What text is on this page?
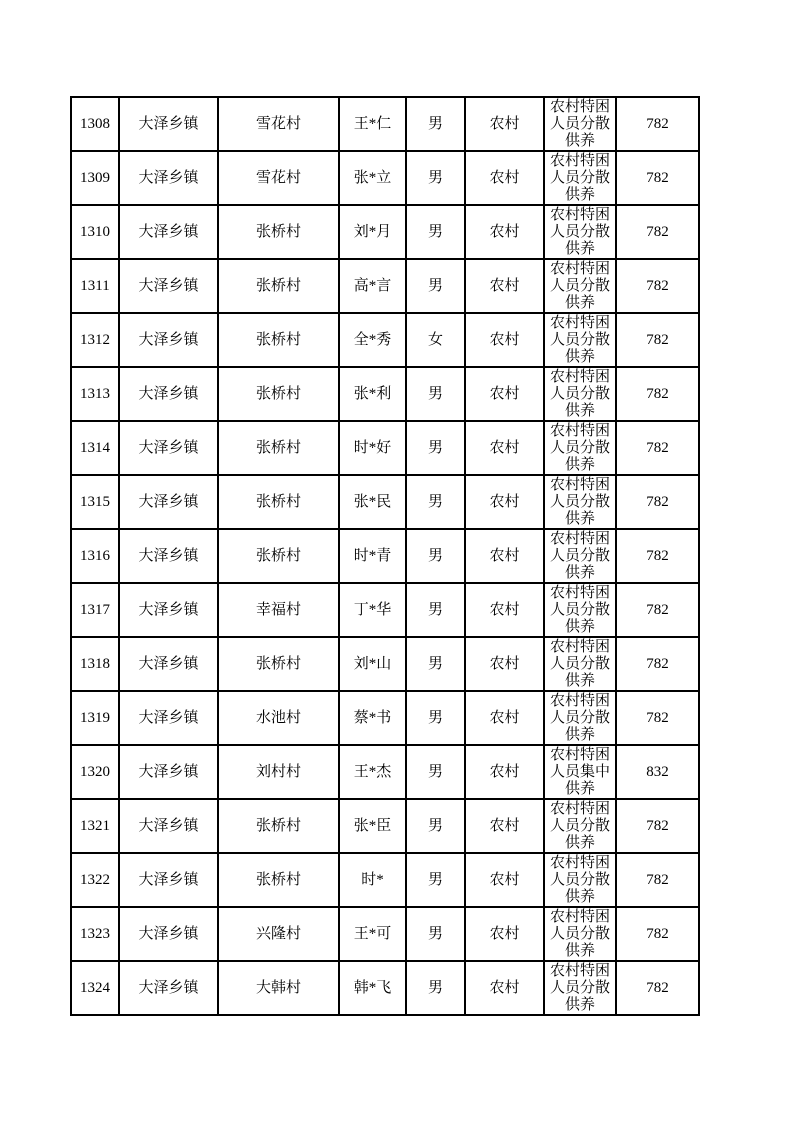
1308	大泽乡镇	雪花村	王*仁	男	农村	农村特困人员分散供养	782
1309	大泽乡镇	雪花村	张*立	男	农村	农村特困人员分散供养	782
1310	大泽乡镇	张桥村	刘*月	男	农村	农村特困人员分散供养	782
1311	大泽乡镇	张桥村	高*言	男	农村	农村特困人员分散供养	782
1312	大泽乡镇	张桥村	全*秀	女	农村	农村特困人员分散供养	782
1313	大泽乡镇	张桥村	张*利	男	农村	农村特困人员分散供养	782
1314	大泽乡镇	张桥村	时*好	男	农村	农村特困人员分散供养	782
1315	大泽乡镇	张桥村	张*民	男	农村	农村特困人员分散供养	782
1316	大泽乡镇	张桥村	时*青	男	农村	农村特困人员分散供养	782
1317	大泽乡镇	幸福村	丁*华	男	农村	农村特困人员分散供养	782
1318	大泽乡镇	张桥村	刘*山	男	农村	农村特困人员分散供养	782
1319	大泽乡镇	水池村	蔡*书	男	农村	农村特困人员分散供养	782
1320	大泽乡镇	刘村村	王*杰	男	农村	农村特困人员集中供养	832
1321	大泽乡镇	张桥村	张*臣	男	农村	农村特困人员分散供养	782
1322	大泽乡镇	张桥村	时*	男	农村	农村特困人员分散供养	782
1323	大泽乡镇	兴隆村	王*可	男	农村	农村特困人员分散供养	782
1324	大泽乡镇	大韩村	韩*飞	男	农村	农村特困人员分散供养	782
